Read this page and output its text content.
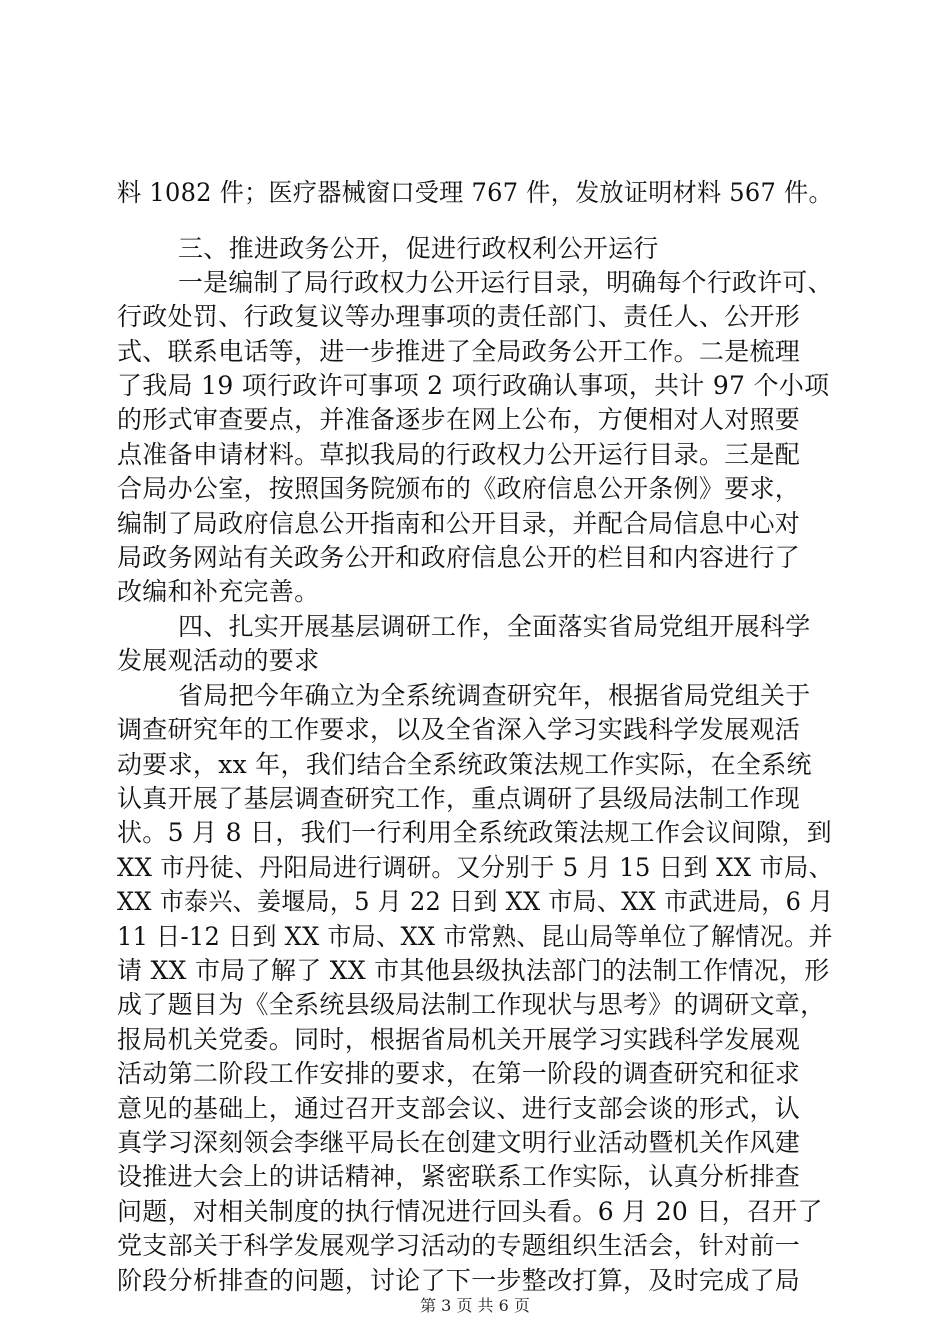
料 1082 件；医疗器械窗口受理 767 件，发放证明材料 567 件。
三、推进政务公开，促进行政权利公开运行
一是编制了局行政权力公开运行目录，明确每个行政许可、
行政处罚、行政复议等办理事项的责任部门、责任人、公开形
式、联系电话等，进一步推进了全局政务公开工作。二是梳理
了我局 19 项行政许可事项 2 项行政确认事项，共计 97 个小项
的形式审查要点，并准备逐步在网上公布，方便相对人对照要
点准备申请材料。草拟我局的行政权力公开运行目录。三是配
合局办公室，按照国务院颁布的《政府信息公开条例》要求，
编制了局政府信息公开指南和公开目录，并配合局信息中心对
局政务网站有关政务公开和政府信息公开的栏目和内容进行了
改编和补充完善。
四、扎实开展基层调研工作，全面落实省局党组开展科学
发展观活动的要求
省局把今年确立为全系统调查研究年，根据省局党组关于
调查研究年的工作要求，以及全省深入学习实践科学发展观活
动要求，xx 年，我们结合全系统政策法规工作实际，在全系统
认真开展了基层调查研究工作，重点调研了县级局法制工作现
状。5 月 8 日，我们一行利用全系统政策法规工作会议间隙，到
XX 市丹徒、丹阳局进行调研。又分别于 5 月 15 日到 XX 市局、
XX 市泰兴、姜堰局，5 月 22 日到 XX 市局、XX 市武进局，6 月
11 日-12 日到 XX 市局、XX 市常熟、昆山局等单位了解情况。并
请 XX 市局了解了 XX 市其他县级执法部门的法制工作情况，形
成了题目为《全系统县级局法制工作现状与思考》的调研文章，
报局机关党委。同时，根据省局机关开展学习实践科学发展观
活动第二阶段工作安排的要求，在第一阶段的调查研究和征求
意见的基础上，通过召开支部会议、进行支部会谈的形式，认
真学习深刻领会李继平局长在创建文明行业活动暨机关作风建
设推进大会上的讲话精神，紧密联系工作实际，认真分析排查
问题，对相关制度的执行情况进行回头看。6 月 20 日，召开了
党支部关于科学发展观学习活动的专题组织生活会，针对前一
阶段分析排查的问题，讨论了下一步整改打算，及时完成了局
第 3 页 共 6 页
